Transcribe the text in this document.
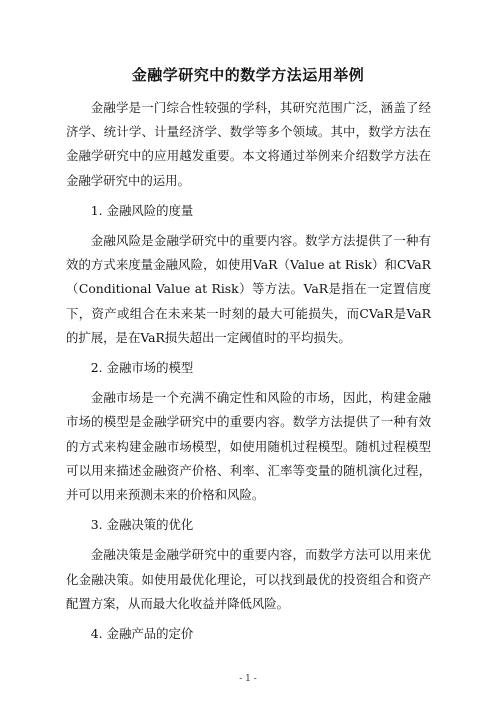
金融学研究中的数学方法运用举例

金融学是一门综合性较强的学科，其研究范围广泛，涵盖了经济学、统计学、计量经济学、数学等多个领域。其中，数学方法在金融学研究中的应用越发重要。本文将通过举例来介绍数学方法在金融学研究中的运用。

1. 金融风险的度量

金融风险是金融学研究中的重要内容。数学方法提供了一种有效的方式来度量金融风险，如使用VaR（Value at Risk）和CVaR（Conditional Value at Risk）等方法。VaR是指在一定置信度下，资产或组合在未来某一时刻的最大可能损失，而CVaR是VaR的扩展，是在VaR损失超出一定阈值时的平均损失。

2. 金融市场的模型

金融市场是一个充满不确定性和风险的市场，因此，构建金融市场的模型是金融学研究中的重要内容。数学方法提供了一种有效的方式来构建金融市场模型，如使用随机过程模型。随机过程模型可以用来描述金融资产价格、利率、汇率等变量的随机演化过程，并可以用来预测未来的价格和风险。

3. 金融决策的优化

金融决策是金融学研究中的重要内容，而数学方法可以用来优化金融决策。如使用最优化理论，可以找到最优的投资组合和资产配置方案，从而最大化收益并降低风险。

4. 金融产品的定价

- 1 -
